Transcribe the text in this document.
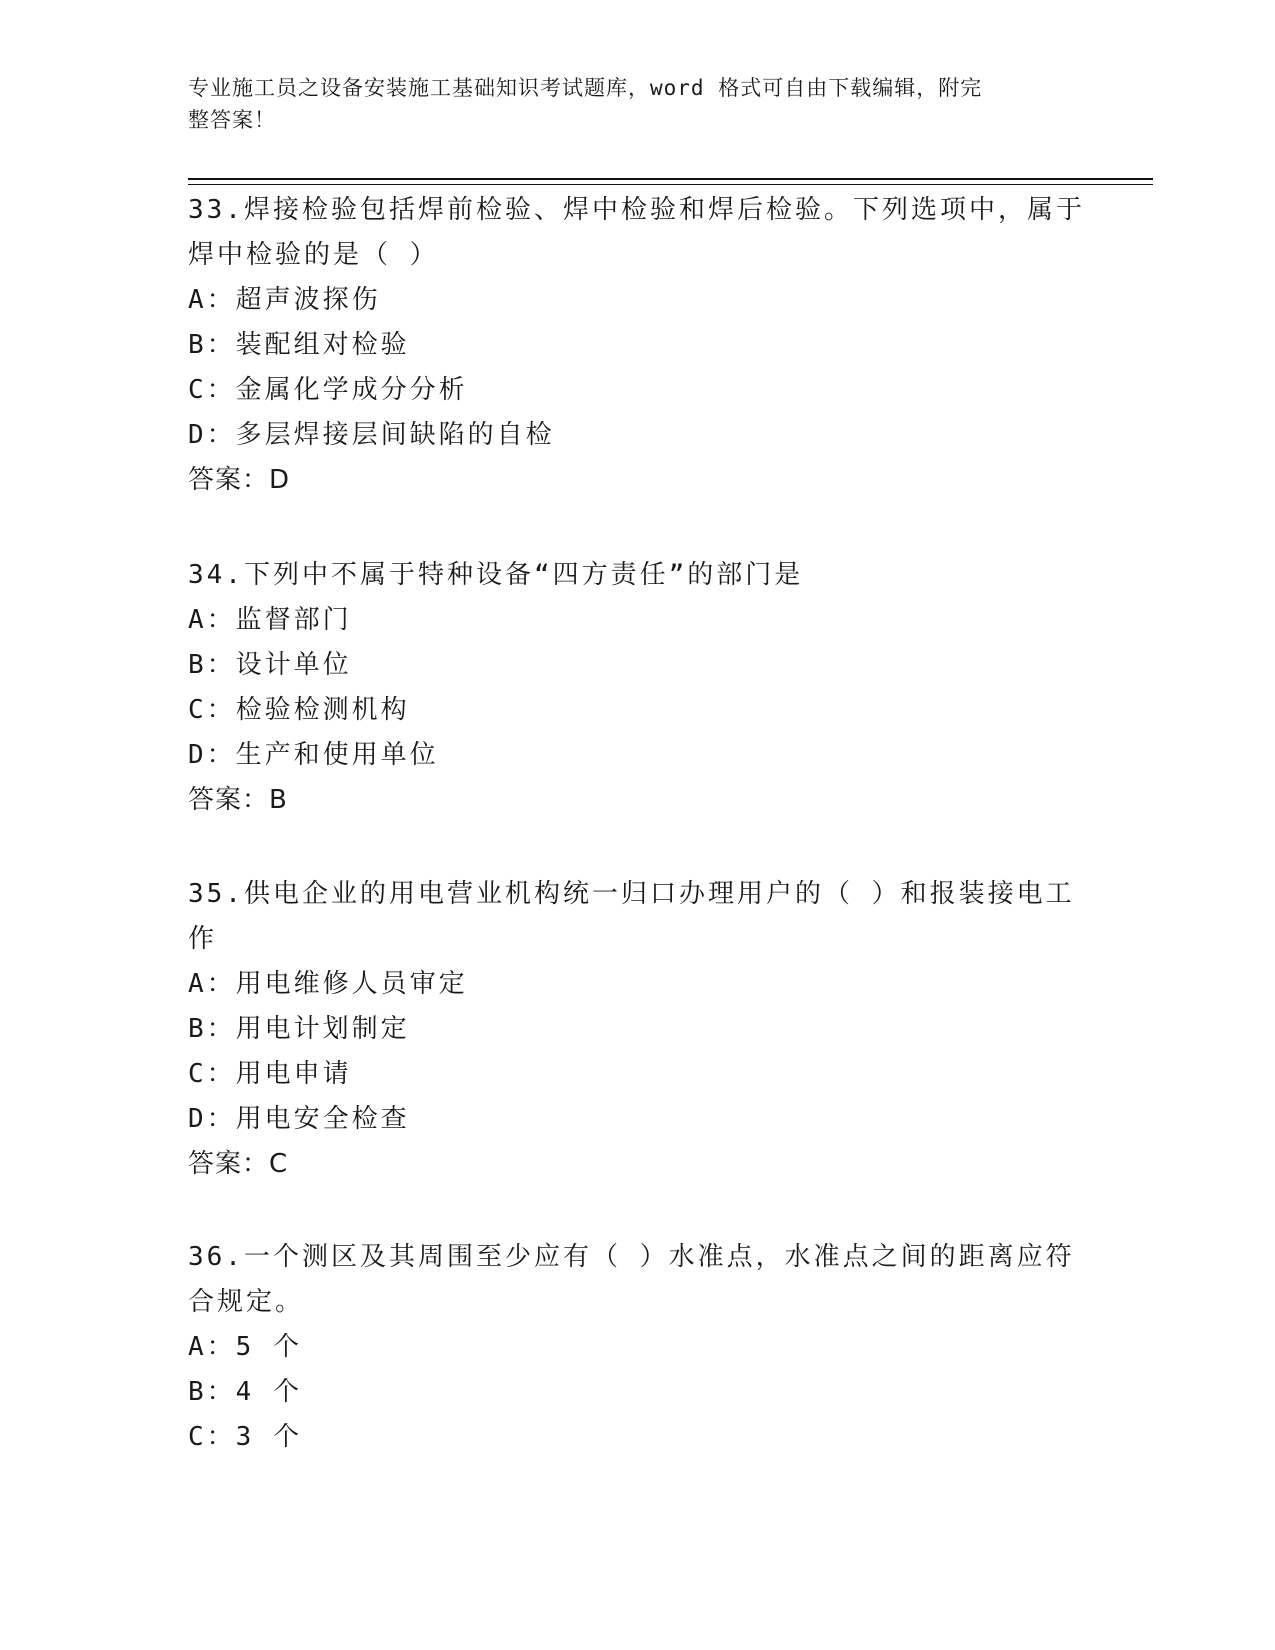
专业施工员之设备安装施工基础知识考试题库，word 格式可自由下载编辑，附完
整答案！
33.焊接检验包括焊前检验、焊中检验和焊后检验。下列选项中，属于
焊中检验的是（ ）
A：超声波探伤
B：装配组对检验
C：金属化学成分分析
D：多层焊接层间缺陷的自检
答案：D
34.下列中不属于特种设备“四方责任”的部门是
A：监督部门
B：设计单位
C：检验检测机构
D：生产和使用单位
答案：B
35.供电企业的用电营业机构统一归口办理用户的（ ）和报装接电工
作
A：用电维修人员审定
B：用电计划制定
C：用电申请
D：用电安全检查
答案：C
36.一个测区及其周围至少应有（ ）水准点，水准点之间的距离应符
合规定。
A：5 个
B：4 个
C：3 个
